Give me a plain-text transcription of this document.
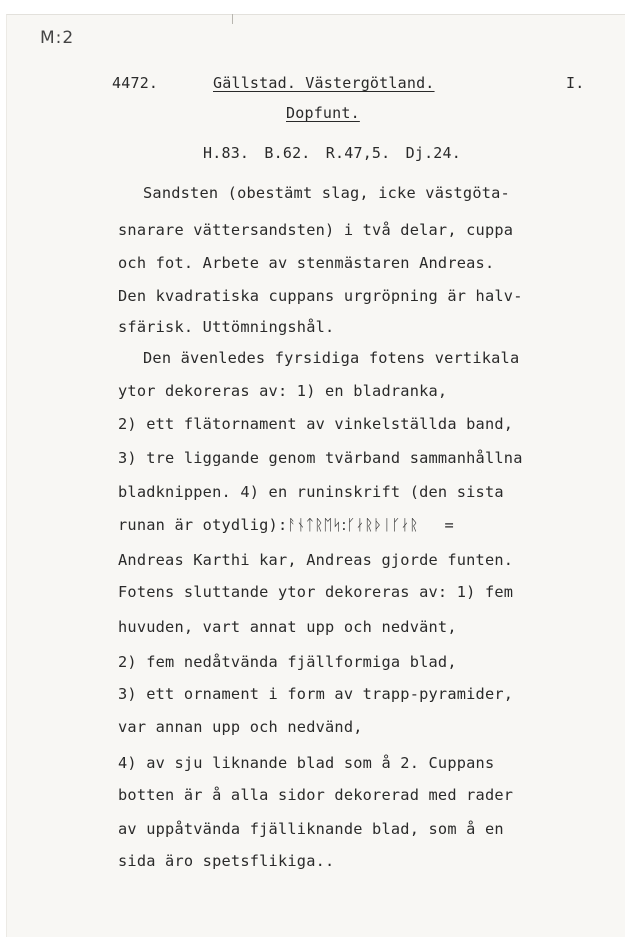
M:2
4472.	Gällstad. Västergötland.	I.
Dopfunt.
H.83. B.62. R.47,5. Dj.24.
Sandsten (obestämt slag, icke västgöta-
snarare vättersandsten) i två delar, cuppa
och fot. Arbete av stenmästaren Andreas.
Den kvadratiska cuppans urgröpning är halv-
sfärisk. Uttömningshål.
Den ävenledes fyrsidiga fotens vertikala
ytor dekoreras av: 1) en bladranka,
2) ett flätornament av vinkelställda band,
3) tre liggande genom tvärband sammanhållna
bladknippen. 4) en runinskrift (den sista
runan är otydlig):ᚨᚾᛏᚱᛖᛋ:ᚴᛅᚱᚦᛁᚴᛅᚱ =
Andreas Karthi kar, Andreas gjorde funten.
Fotens sluttande ytor dekoreras av: 1) fem
huvuden, vart annat upp och nedvänt,
2) fem nedåtvända fjällformiga blad,
3) ett ornament i form av trapp-pyramider,
var annan upp och nedvänd,
4) av sju liknande blad som å 2. Cuppans
botten är å alla sidor dekorerad med rader
av uppåtvända fjälliknande blad, som å en
sida äro spetsflikiga..
